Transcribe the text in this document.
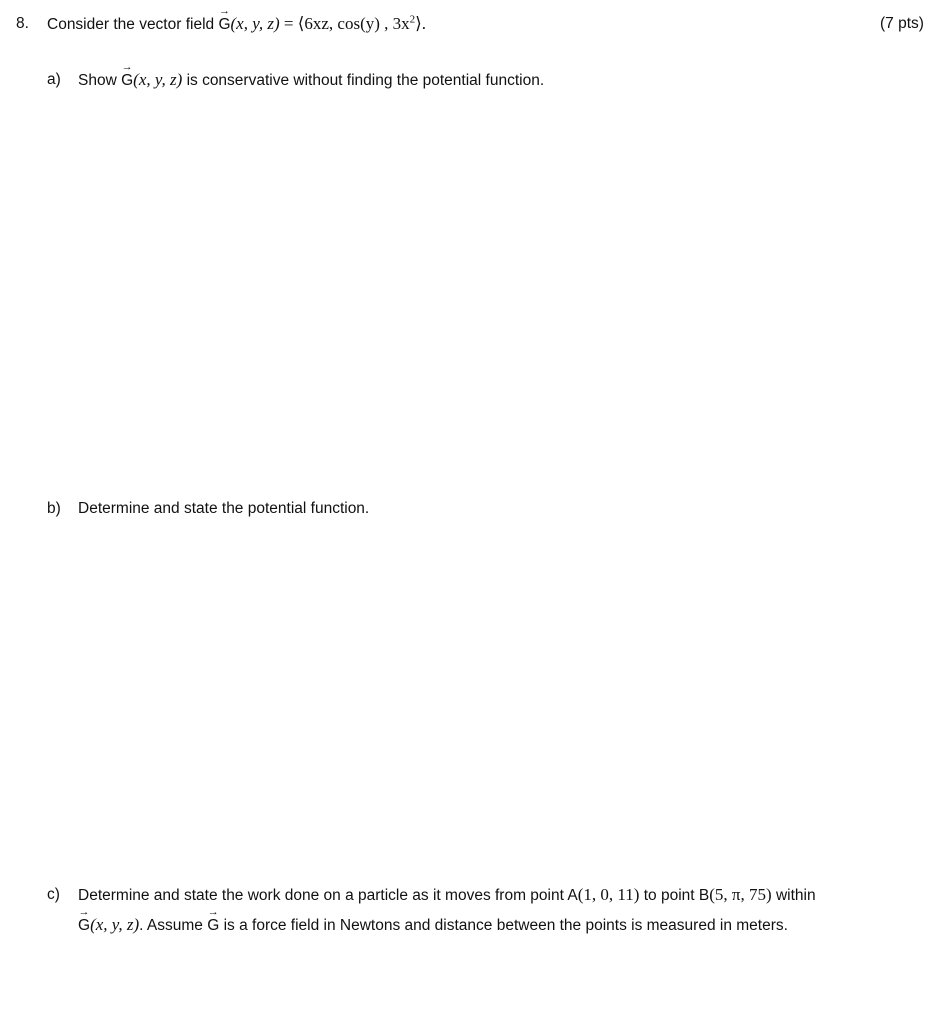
8. Consider the vector field → G(x, y, z) = ⟨6xz, cos(y) , $3x^2⟩$.	(7 pts)
a) Show → G(x, y, z) is conservative without finding the potential function.
b) Determine and state the potential function.
c) Determine and state the work done on a particle as it moves from point A(1, 0, 11) to point B(5, π, 75) within
→ G(x, y, z). Assume → G is a force field in Newtons and distance between the points is measured in meters.
